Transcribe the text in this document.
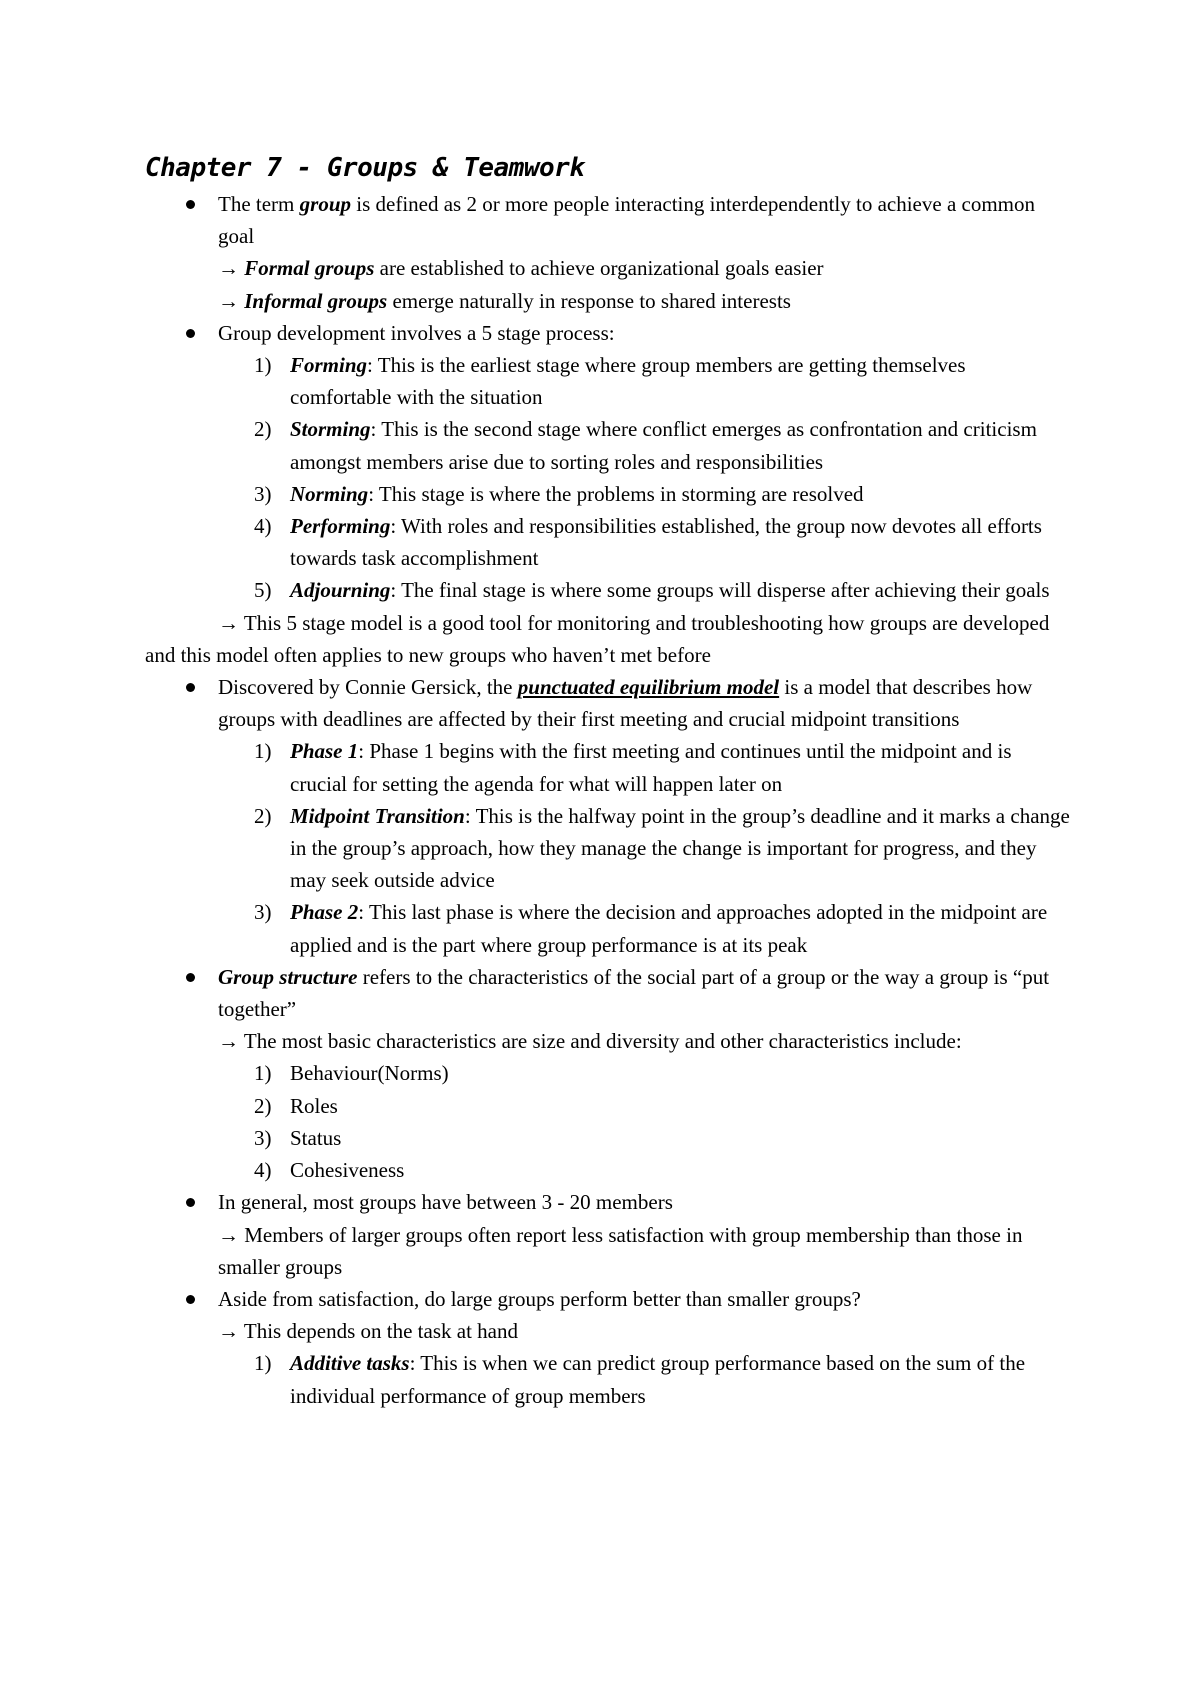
Chapter 7 - Groups & Teamwork
The term group is defined as 2 or more people interacting interdependently to achieve a common goal
→ Formal groups are established to achieve organizational goals easier
→ Informal groups emerge naturally in response to shared interests
Group development involves a 5 stage process:
1) Forming: This is the earliest stage where group members are getting themselves comfortable with the situation
2) Storming: This is the second stage where conflict emerges as confrontation and criticism amongst members arise due to sorting roles and responsibilities
3) Norming: This stage is where the problems in storming are resolved
4) Performing: With roles and responsibilities established, the group now devotes all efforts towards task accomplishment
5) Adjourning: The final stage is where some groups will disperse after achieving their goals
→ This 5 stage model is a good tool for monitoring and troubleshooting how groups are developed and this model often applies to new groups who haven’t met before
Discovered by Connie Gersick, the punctuated equilibrium model is a model that describes how groups with deadlines are affected by their first meeting and crucial midpoint transitions
1) Phase 1: Phase 1 begins with the first meeting and continues until the midpoint and is crucial for setting the agenda for what will happen later on
2) Midpoint Transition: This is the halfway point in the group’s deadline and it marks a change in the group’s approach, how they manage the change is important for progress, and they may seek outside advice
3) Phase 2: This last phase is where the decision and approaches adopted in the midpoint are applied and is the part where group performance is at its peak
Group structure refers to the characteristics of the social part of a group or the way a group is “put together”
→ The most basic characteristics are size and diversity and other characteristics include:
1) Behaviour(Norms)
2) Roles
3) Status
4) Cohesiveness
In general, most groups have between 3 - 20 members
→ Members of larger groups often report less satisfaction with group membership than those in smaller groups
Aside from satisfaction, do large groups perform better than smaller groups?
→ This depends on the task at hand
1) Additive tasks: This is when we can predict group performance based on the sum of the individual performance of group members
